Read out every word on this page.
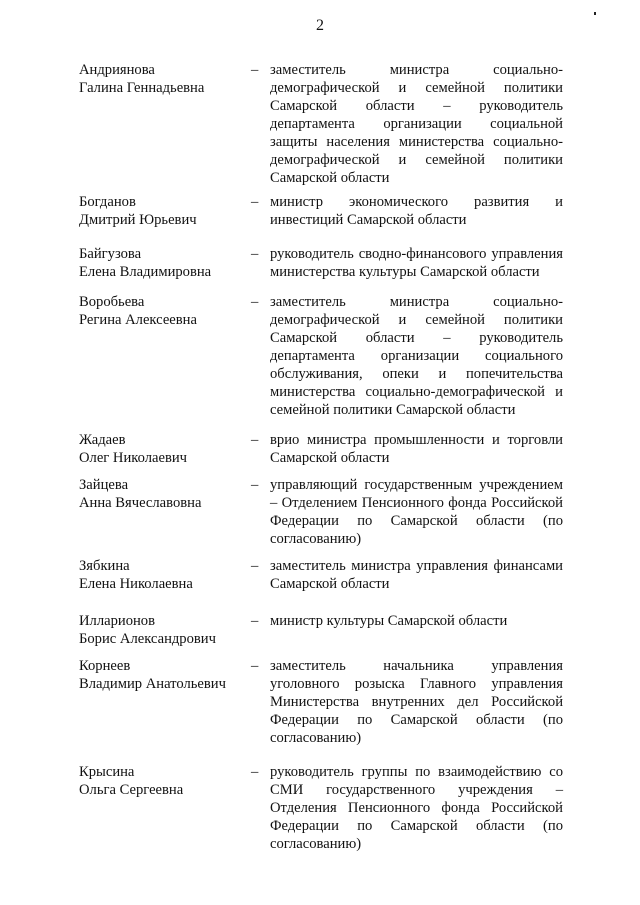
2
Андриянова
Галина Геннадьевна
– заместитель министра социально-демографической и семейной политики Самарской области – руководитель департамента организации социальной защиты населения министерства социально-демографической и семейной политики Самарской области
Богданов
Дмитрий Юрьевич
– министр экономического развития и инвестиций Самарской области
Байгузова
Елена Владимировна
– руководитель сводно-финансового управления министерства культуры Самарской области
Воробьева
Регина Алексеевна
– заместитель министра социально-демографической и семейной политики Самарской области – руководитель департамента организации социального обслуживания, опеки и попечительства министерства социально-демографической и семейной политики Самарской области
Жадаев
Олег Николаевич
– врио министра промышленности и торговли Самарской области
Зайцева
Анна Вячеславовна
– управляющий государственным учреждением – Отделением Пенсионного фонда Российской Федерации по Самарской области (по согласованию)
Зябкина
Елена Николаевна
– заместитель министра управления финансами Самарской области
Илларионов
Борис Александрович
– министр культуры Самарской области
Корнеев
Владимир Анатольевич
– заместитель начальника управления уголовного розыска Главного управления Министерства внутренних дел Российской Федерации по Самарской области (по согласованию)
Крысина
Ольга Сергеевна
– руководитель группы по взаимодействию со СМИ государственного учреждения – Отделения Пенсионного фонда Российской Федерации по Самарской области (по согласованию)
